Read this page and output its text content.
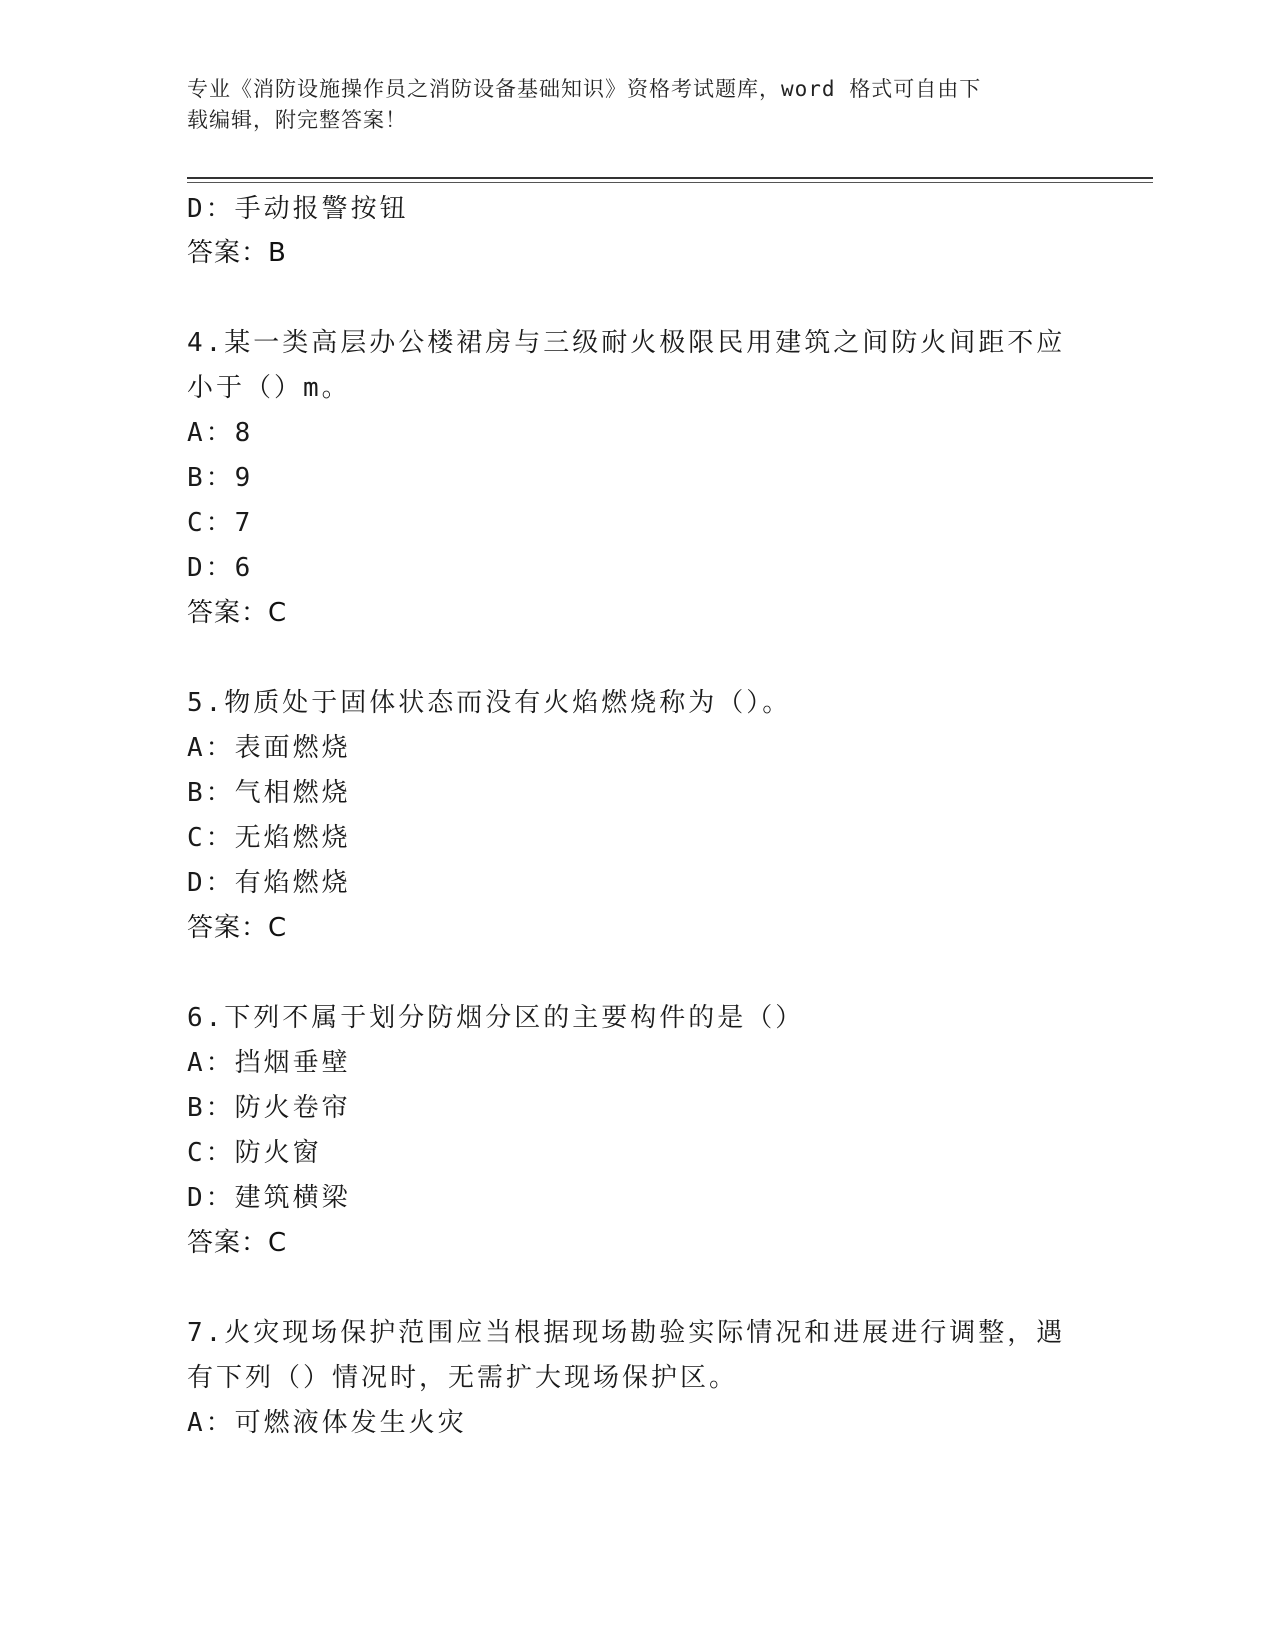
专业《消防设施操作员之消防设备基础知识》资格考试题库，word 格式可自由下
载编辑，附完整答案！
D：手动报警按钮
答案：B
4.某一类高层办公楼裙房与三级耐火极限民用建筑之间防火间距不应
小于（）m。
A：8
B：9
C：7
D：6
答案：C
5.物质处于固体状态而没有火焰燃烧称为（）。
A：表面燃烧
B：气相燃烧
C：无焰燃烧
D：有焰燃烧
答案：C
6.下列不属于划分防烟分区的主要构件的是（）
A：挡烟垂壁
B：防火卷帘
C：防火窗
D：建筑横梁
答案：C
7.火灾现场保护范围应当根据现场勘验实际情况和进展进行调整，遇
有下列（）情况时，无需扩大现场保护区。
A：可燃液体发生火灾
